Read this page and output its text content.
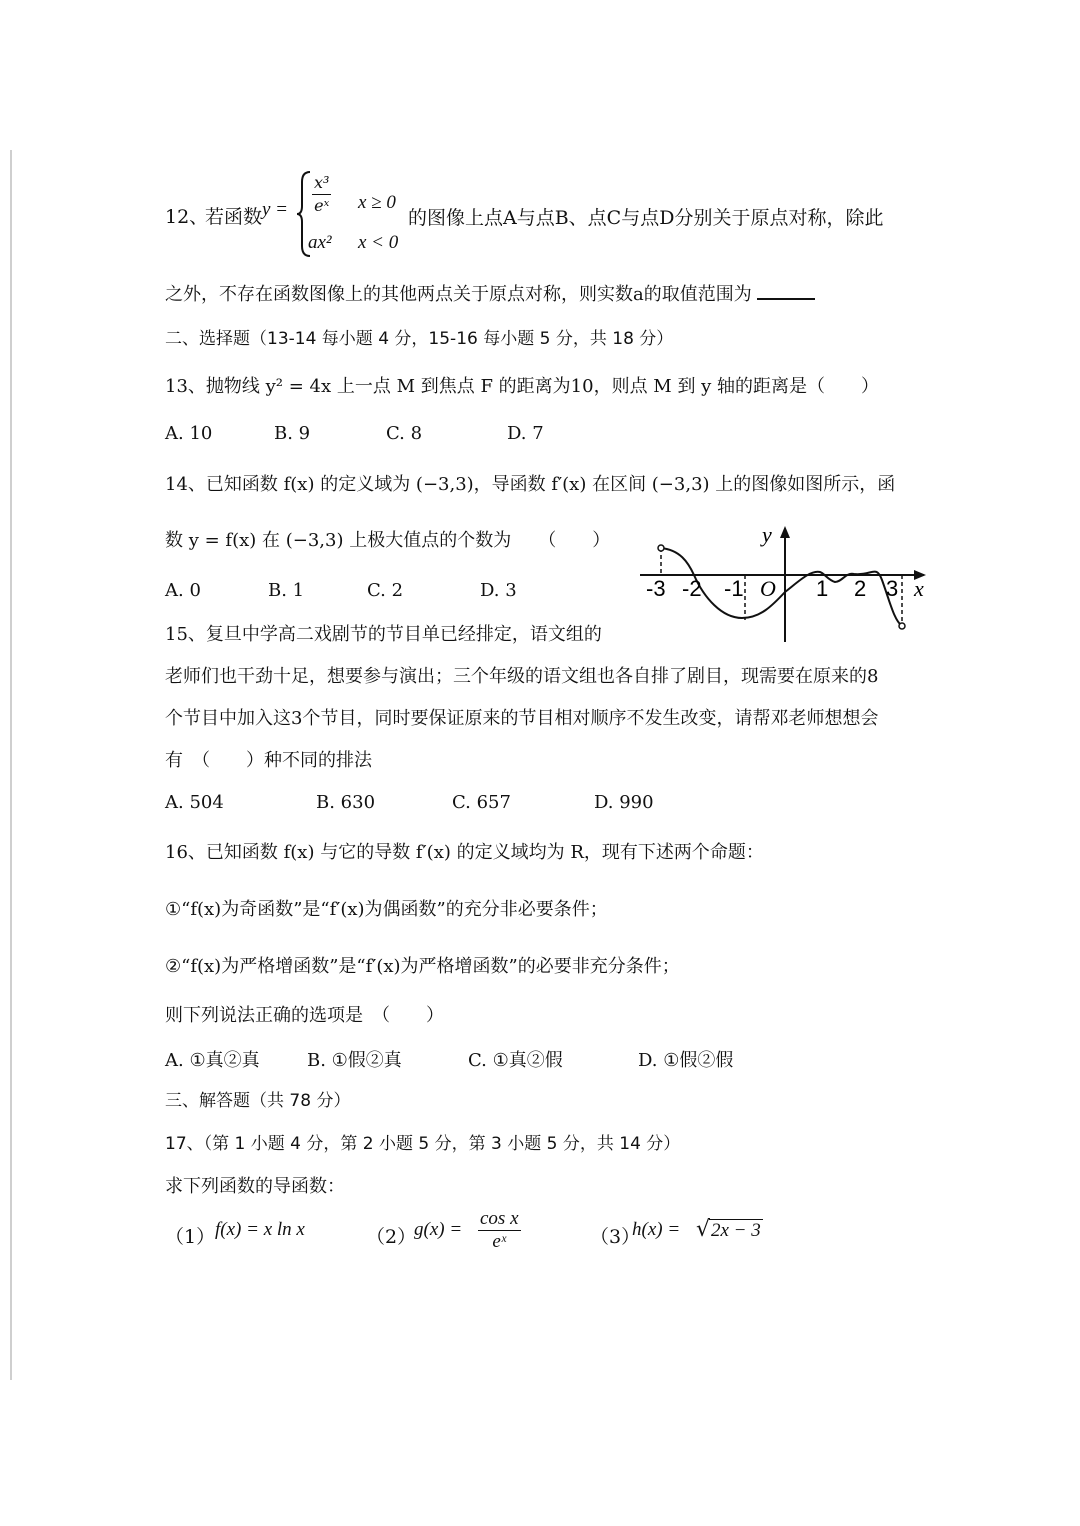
12、
若函数 $y = \frac{\text{x³}}{\text{eˣ}}$ x ≥ 0
ax² x < 0
的图像上点A与点B、点C与点D分别关于原点对称，除此
之外，不存在函数图像上的其他两点关于原点对称，则实数a的取值范围为
二、选择题（13-14 每小题 4 分，15-16 每小题 5 分，共 18 分）
13、抛物线 y² = 4x 上一点 M 到焦点 F 的距离为10，则点 M 到 y 轴的距离是（　　）
A. 10	B. 9	C. 8	D. 7
14、已知函数 f(x) 的定义域为 (−3,3)，导函数 f′(x) 在区间 (−3,3) 上的图像如图所示，函
数 y = f(x) 在 (−3,3) 上极大值点的个数为　　（　　）
A. 0	B. 1	C. 2	D. 3
y
x
O
-3 -2 -1	1 2 3
15、复旦中学高二戏剧节的节目单已经排定，语文组的
老师们也干劲十足，想要参与演出；三个年级的语文组也各自排了剧目，现需要在原来的8
个节目中加入这3个节目，同时要保证原来的节目相对顺序不发生改变，请帮邓老师想想会
有　（　　）种不同的排法
A. 504	B. 630	C. 657	D. 990
16、已知函数 f(x) 与它的导数 f′(x) 的定义域均为 R，现有下述两个命题：
①“f(x)为奇函数”是“f′(x)为偶函数”的充分非必要条件；
②“f(x)为严格增函数”是“f′(x)为严格增函数”的必要非充分条件；
则下列说法正确的选项是　（　　）
A. ①真②真	B. ①假②真	C. ①真②假	D. ①假②假
三、解答题（共 78 分）
17、（第 1 小题 4 分，第 2 小题 5 分，第 3 小题 5 分，共 14 分）
求下列函数的导函数：
（1） f(x) = x ln x	（2）
$g(x) = \frac{\text{cos x}}{\text{eˣ}}$	（3）
h(x) = √ 2x − 3
